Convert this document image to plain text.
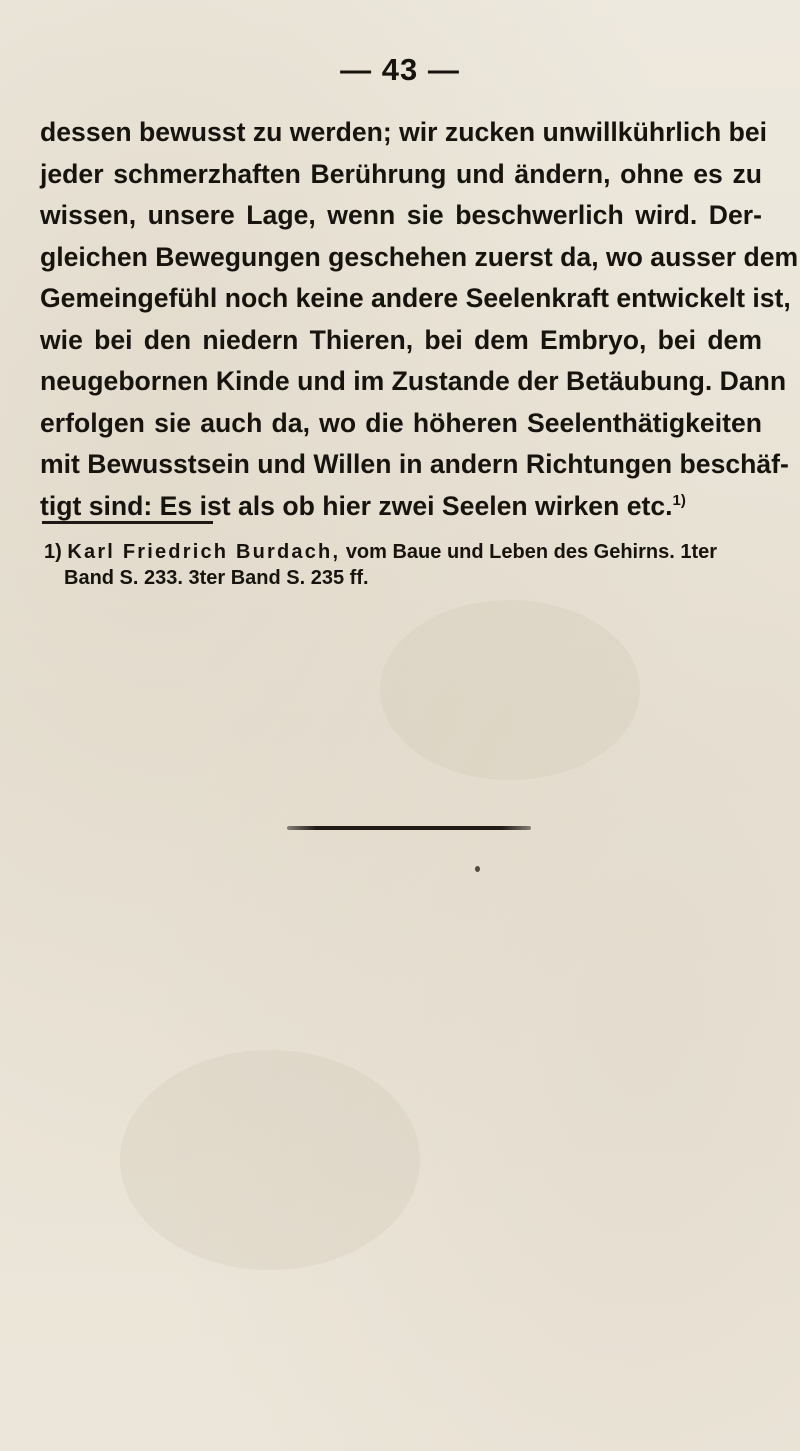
— 43 —

dessen bewusst zu werden; wir zucken unwillkührlich bei
jeder schmerzhaften Berührung und ändern, ohne es zu
wissen, unsere Lage, wenn sie beschwerlich wird. Der-
gleichen Bewegungen geschehen zuerst da, wo ausser dem
Gemeingefühl noch keine andere Seelenkraft entwickelt ist,
wie bei den niedern Thieren, bei dem Embryo, bei dem
neugebornen Kinde und im Zustande der Betäubung. Dann
erfolgen sie auch da, wo die höheren Seelenthätigkeiten
mit Bewusstsein und Willen in andern Richtungen beschäf-
tigt sind: Es ist als ob hier zwei Seelen wirken etc.$^{1)}$

1) Karl Friedrich Burdach, vom Baue und Leben des Gehirns. 1ter
Band S. 233. 3ter Band S. 235 ff.
